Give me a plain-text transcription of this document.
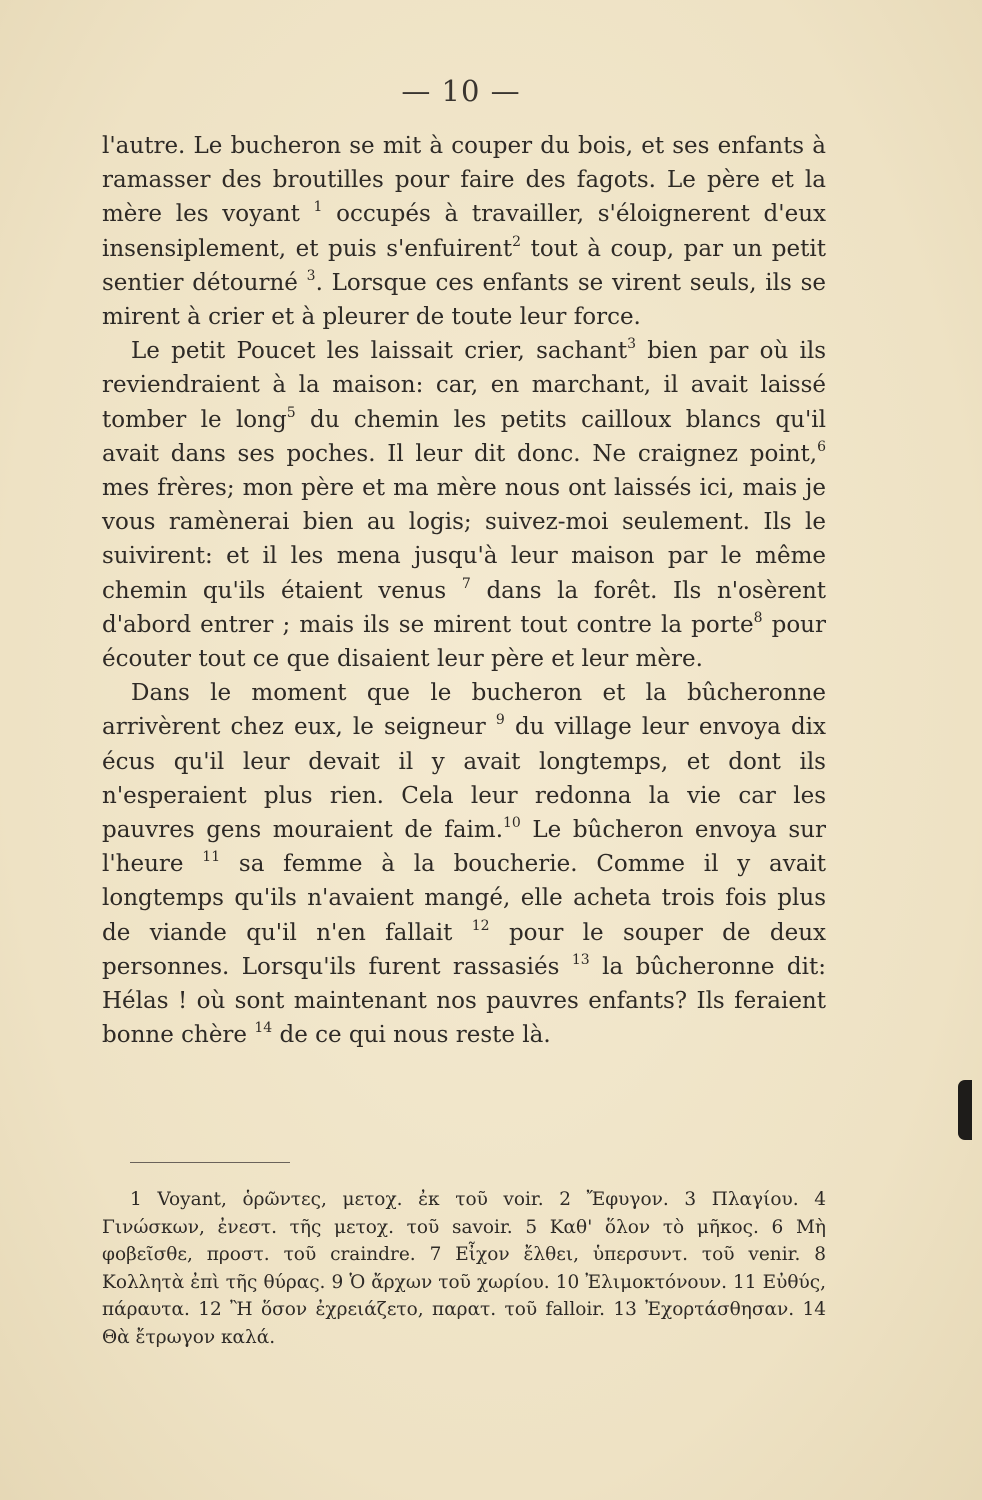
— 10 —

l'autre. Le bucheron se mit à couper du bois, et ses enfants à ramasser des broutilles pour faire des fagots. Le père et la mère les voyant $^1$ occupés à travailler, s'éloignerent d'eux insensiplement, et puis s'enfuirent$^2$ tout à coup, par un petit sentier détourné $^3$. Lorsque ces enfants se virent seuls, ils se mirent à crier et à pleurer de toute leur force.

Le petit Poucet les laissait crier, sachant$^3$ bien par où ils reviendraient à la maison: car, en marchant, il avait laissé tomber le long$^5$ du chemin les petits cailloux blancs qu'il avait dans ses poches. Il leur dit donc. Ne craignez point,$^6$ mes frères; mon père et ma mère nous ont laissés ici, mais je vous ramènerai bien au logis; suivez-moi seulement. Ils le suivirent: et il les mena jusqu'à leur maison par le même chemin qu'ils étaient venus $^7$ dans la forêt. Ils n'osèrent d'abord entrer ; mais ils se mirent tout contre la porte$^8$ pour écouter tout ce que disaient leur père et leur mère.

Dans le moment que le bucheron et la bûcheronne arrivèrent chez eux, le seigneur $^9$ du village leur envoya dix écus qu'il leur devait il y avait longtemps, et dont ils n'esperaient plus rien. Cela leur redonna la vie car les pauvres gens mouraient de faim.$^{10}$ Le bûcheron envoya sur l'heure $^{11}$ sa femme à la boucherie. Comme il y avait longtemps qu'ils n'avaient mangé, elle acheta trois fois plus de viande qu'il n'en fallait $^{12}$ pour le souper de deux personnes. Lorsqu'ils furent rassasiés $^{13}$ la bûcheronne dit: Hélas ! où sont maintenant nos pauvres enfants? Ils feraient bonne chère $^{14}$ de ce qui nous reste là.

1 Voyant, ὁρῶντες, μετοχ. ἐκ τοῦ voir. 2 Ἔφυγον. 3 Πλαγίου. 4 Γινώσκων, ἐνεστ. τῆς μετοχ. τοῦ savoir. 5 Καθ' ὅλον τὸ μῆκος. 6 Μὴ φοβεῖσθε, προστ. τοῦ craindre. 7 Εἶχον ἔλθει, ὑπερσυντ. τοῦ venir. 8 Κολλητὰ ἐπὶ τῆς θύρας. 9 Ὁ ἄρχων τοῦ χωρίου. 10 Ἐλιμοκτόνουν. 11 Εὐθύς, πάραυτα. 12 Ἢ ὅσον ἐχρειάζετο, παρατ. τοῦ falloir. 13 Ἐχορτάσθησαν. 14 Θὰ ἔτρωγον καλά.
